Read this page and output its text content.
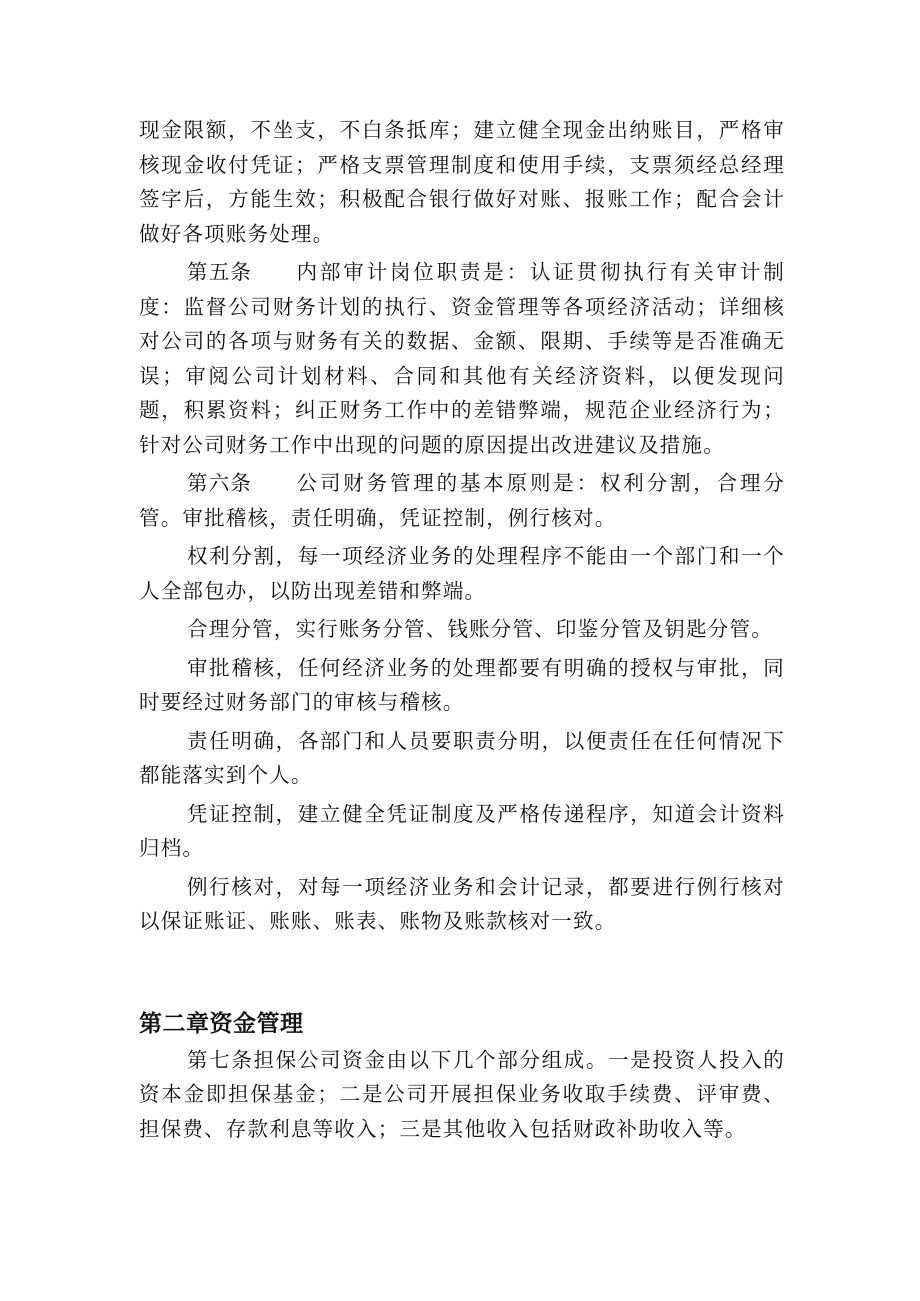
现金限额，不坐支，不白条抵库；建立健全现金出纳账目，严格审核现金收付凭证；严格支票管理制度和使用手续，支票须经总经理签字后，方能生效；积极配合银行做好对账、报账工作；配合会计做好各项账务处理。

第五条 内部审计岗位职责是：认证贯彻执行有关审计制度：监督公司财务计划的执行、资金管理等各项经济活动；详细核对公司的各项与财务有关的数据、金额、限期、手续等是否准确无误；审阅公司计划材料、合同和其他有关经济资料，以便发现问题，积累资料；纠正财务工作中的差错弊端，规范企业经济行为；针对公司财务工作中出现的问题的原因提出改进建议及措施。

第六条 公司财务管理的基本原则是：权利分割，合理分管。审批稽核，责任明确，凭证控制，例行核对。

权利分割，每一项经济业务的处理程序不能由一个部门和一个人全部包办，以防出现差错和弊端。

合理分管，实行账务分管、钱账分管、印鉴分管及钥匙分管。

审批稽核，任何经济业务的处理都要有明确的授权与审批，同时要经过财务部门的审核与稽核。

责任明确，各部门和人员要职责分明，以便责任在任何情况下都能落实到个人。

凭证控制，建立健全凭证制度及严格传递程序，知道会计资料归档。

例行核对，对每一项经济业务和会计记录，都要进行例行核对以保证账证、账账、账表、账物及账款核对一致。

第二章资金管理

第七条担保公司资金由以下几个部分组成。一是投资人投入的资本金即担保基金；二是公司开展担保业务收取手续费、评审费、担保费、存款利息等收入；三是其他收入包括财政补助收入等。
